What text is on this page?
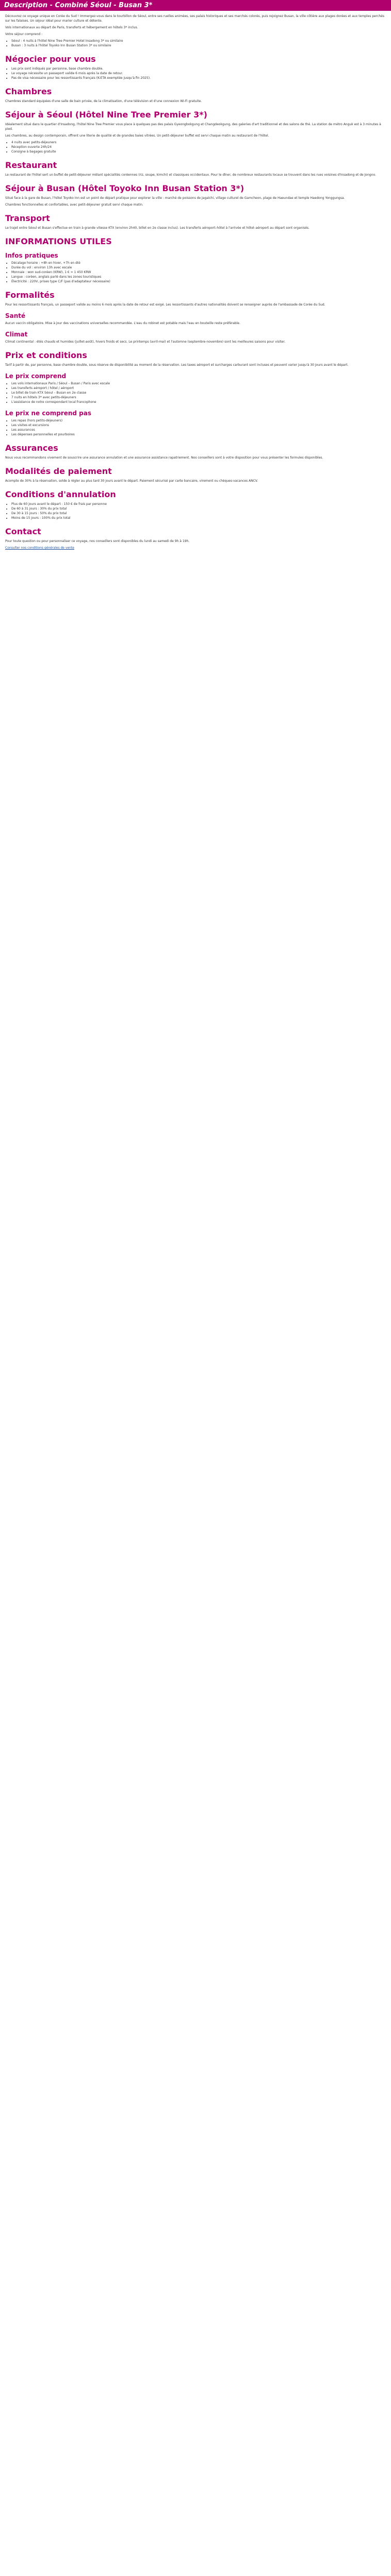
Description - Combiné Séoul - Busan 3*

Découvrez ce voyage unique en Corée du Sud ! Immergez-vous dans le tourbillon de Séoul, entre ses ruelles animées, ses palais historiques et ses marchés colorés, puis rejoignez Busan, la ville côtière aux plages dorées et aux temples perchés sur les falaises. Un séjour idéal pour marier culture et détente.

Vols internationaux au départ de Paris, transferts et hébergement en hôtels 3* inclus.

Votre séjour comprend :

• Séoul : 4 nuits à l'hôtel Nine Tree Premier Hotel Insadong 3* ou similaire
• Busan : 3 nuits à l'hôtel Toyoko Inn Busan Station 3* ou similaire
Négocier pour vous
• Les prix sont indiqués par personne, base chambre double.
• Le voyage nécessite un passeport valide 6 mois après la date de retour.
• Pas de visa nécessaire pour les ressortissants français (K-ETA exemptée jusqu'à fin 2025).
Chambres

Chambres standard équipées d'une salle de bain privée, de la climatisation, d'une télévision et d'une connexion Wi-Fi gratuite.

Séjour à Séoul (Hôtel Nine Tree Premier 3*)

Idéalement situé dans le quartier d'Insadong, l'hôtel Nine Tree Premier vous place à quelques pas des palais Gyeongbokgung et Changdeokgung, des galeries d'art traditionnel et des salons de thé. La station de métro Anguk est à 3 minutes à pied.

Les chambres, au design contemporain, offrent une literie de qualité et de grandes baies vitrées. Un petit-déjeuner buffet est servi chaque matin au restaurant de l'hôtel.

• 4 nuits avec petits-déjeuners
• Réception ouverte 24h/24
• Consigne à bagages gratuite
Restaurant

Le restaurant de l'hôtel sert un buffet de petit-déjeuner mêlant spécialités coréennes (riz, soupe, kimchi) et classiques occidentaux. Pour le dîner, de nombreux restaurants locaux se trouvent dans les rues voisines d'Insadong et de Jongno.

Séjour à Busan (Hôtel Toyoko Inn Busan Station 3*)

Situé face à la gare de Busan, l'hôtel Toyoko Inn est un point de départ pratique pour explorer la ville : marché de poissons de Jagalchi, village culturel de Gamcheon, plage de Haeundae et temple Haedong Yonggungsa.

Chambres fonctionnelles et confortables, avec petit-déjeuner gratuit servi chaque matin.

Transport

Le trajet entre Séoul et Busan s'effectue en train à grande vitesse KTX (environ 2h40, billet en 2e classe inclus). Les transferts aéroport–hôtel à l'arrivée et hôtel–aéroport au départ sont organisés.

INFORMATIONS UTILES
Infos pratiques
• Décalage horaire : +8h en hiver, +7h en été
• Durée du vol : environ 13h avec escale
• Monnaie : won sud-coréen (KRW), 1 € ≈ 1 450 KRW
• Langue : coréen, anglais parlé dans les zones touristiques
• Électricité : 220V, prises type C/F (pas d'adaptateur nécessaire)
Formalités

Pour les ressortissants français, un passeport valide au moins 6 mois après la date de retour est exigé. Les ressortissants d'autres nationalités doivent se renseigner auprès de l'ambassade de Corée du Sud.

Santé

Aucun vaccin obligatoire. Mise à jour des vaccinations universelles recommandée. L'eau du robinet est potable mais l'eau en bouteille reste préférable.

Climat

Climat continental : étés chauds et humides (juillet-août), hivers froids et secs. Le printemps (avril-mai) et l'automne (septembre-novembre) sont les meilleures saisons pour visiter.

Prix et conditions

Tarif à partir de, par personne, base chambre double, sous réserve de disponibilité au moment de la réservation. Les taxes aéroport et surcharges carburant sont incluses et peuvent varier jusqu'à 30 jours avant le départ.

Le prix comprend
• Les vols internationaux Paris / Séoul – Busan / Paris avec escale
• Les transferts aéroport / hôtel / aéroport
• Le billet de train KTX Séoul – Busan en 2e classe
• 7 nuits en hôtels 3* avec petits-déjeuners
• L'assistance de notre correspondant local francophone
Le prix ne comprend pas
• Les repas (hors petits-déjeuners)
• Les visites et excursions
• Les assurances
• Les dépenses personnelles et pourboires
Assurances

Nous vous recommandons vivement de souscrire une assurance annulation et une assurance assistance rapatriement. Nos conseillers sont à votre disposition pour vous présenter les formules disponibles.

Modalités de paiement

Acompte de 30% à la réservation, solde à régler au plus tard 30 jours avant le départ. Paiement sécurisé par carte bancaire, virement ou chèques-vacances ANCV.

Conditions d'annulation
• Plus de 60 jours avant le départ : 150 € de frais par personne
• De 60 à 31 jours : 30% du prix total
• De 30 à 15 jours : 50% du prix total
• Moins de 15 jours : 100% du prix total
Contact

Pour toute question ou pour personnaliser ce voyage, nos conseillers sont disponibles du lundi au samedi de 9h à 19h.

Consulter nos conditions générales de vente
